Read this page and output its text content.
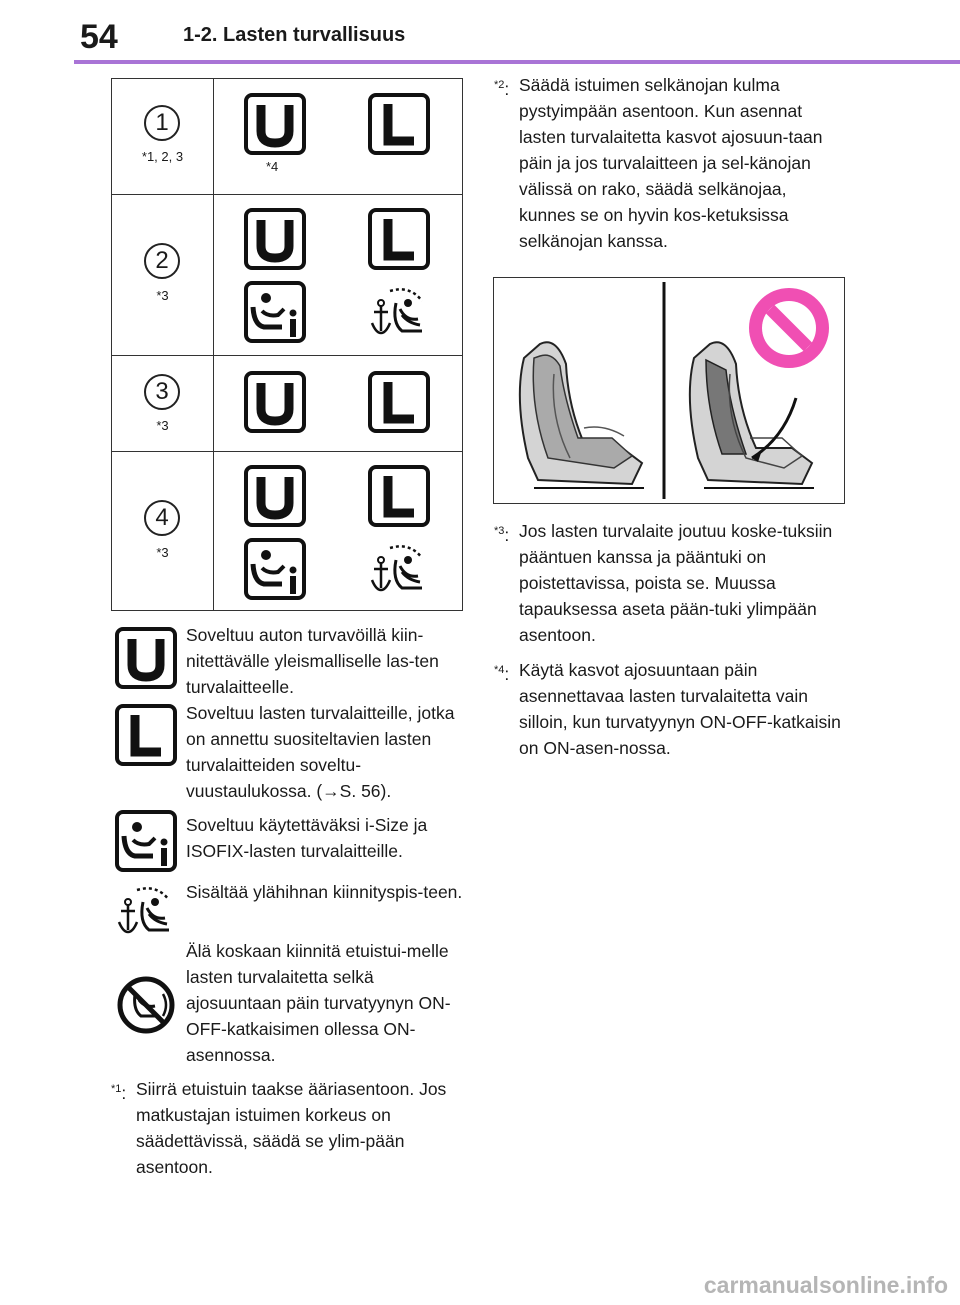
54	1-2. Lasten turvallisuus
1
*1, 2, 3
*4
2
*3
3
*3
4
*3
Soveltuu auton turvavöillä kiin-nitettävälle yleismalliselle las-ten turvalaitteelle.
Soveltuu lasten turvalaitteille, jotka on annettu suositeltavien lasten turvalaitteiden soveltu-vuustaulukossa. (→S. 56).
Soveltuu käytettäväksi i-Size ja ISOFIX-lasten turvalaitteille.
Sisältää ylähihnan kiinnityspis-teen.
Älä koskaan kiinnitä etuistui-melle lasten turvalaitetta selkä ajosuuntaan päin turvatyynyn ON-OFF-katkaisimen ollessa ON-asennossa.
$^{*1}$: Siirrä etuistuin taakse ääriasentoon. Jos matkustajan istuimen korkeus on säädettävissä, säädä se ylim-pään asentoon.
$^{*2}$: Säädä istuimen selkänojan kulma pystyimpään asentoon. Kun asennat lasten turvalaitetta kasvot ajosuun-taan päin ja jos turvalaitteen ja sel-känojan välissä on rako, säädä selkänojaa, kunnes se on hyvin kos-ketuksissa selkänojan kanssa.
$^{*3}$: Jos lasten turvalaite joutuu koske-tuksiin pääntuen kanssa ja pääntuki on poistettavissa, poista se. Muussa tapauksessa aseta pään-tuki ylimpään asentoon.
$^{*4}$: Käytä kasvot ajosuuntaan päin asennettavaa lasten turvalaitetta vain silloin, kun turvatyynyn ON-OFF-katkaisin on ON-asen-nossa.
carmanualsonline.info
